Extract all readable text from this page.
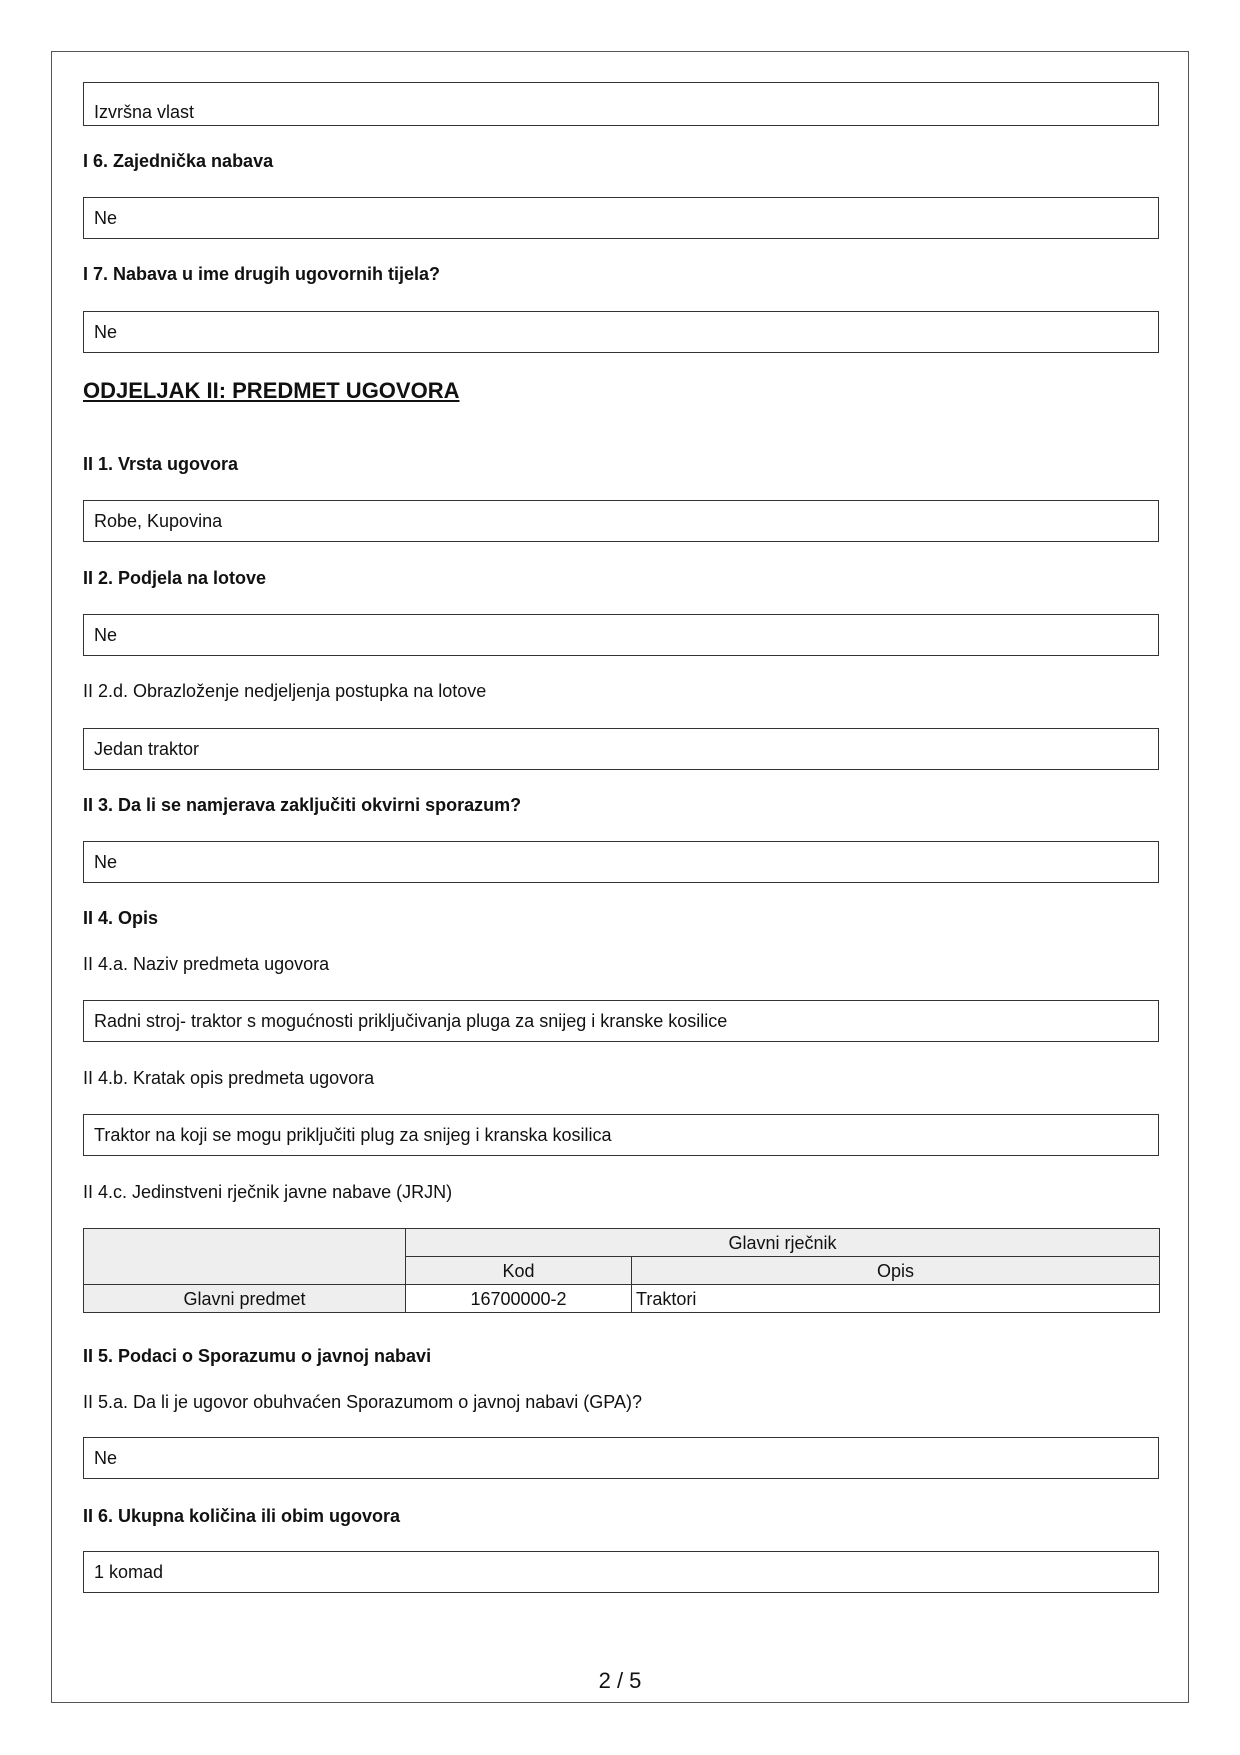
Izvršna vlast
I 6. Zajednička nabava
Ne
I 7. Nabava u ime drugih ugovornih tijela?
Ne
ODJELJAK II: PREDMET UGOVORA
II 1. Vrsta ugovora
Robe, Kupovina
II 2. Podjela na lotove
Ne
II 2.d. Obrazloženje nedjeljenja postupka na lotove
Jedan traktor
II 3. Da li se namjerava zaključiti okvirni sporazum?
Ne
II 4. Opis
II 4.a. Naziv predmeta ugovora
Radni stroj- traktor s mogućnosti priključivanja pluga za snijeg i kranske kosilice
II 4.b. Kratak opis predmeta ugovora
Traktor na koji se mogu priključiti plug za snijeg i kranska kosilica
II 4.c. Jedinstveni rječnik javne nabave (JRJN)
	Glavni rječnik	
	Kod	Opis
Glavni predmet	16700000-2	Traktori
II 5. Podaci o Sporazumu o javnoj nabavi
II 5.a. Da li je ugovor obuhvaćen Sporazumom o javnoj nabavi (GPA)?
Ne
II 6. Ukupna količina ili obim ugovora
1 komad
2 / 5
